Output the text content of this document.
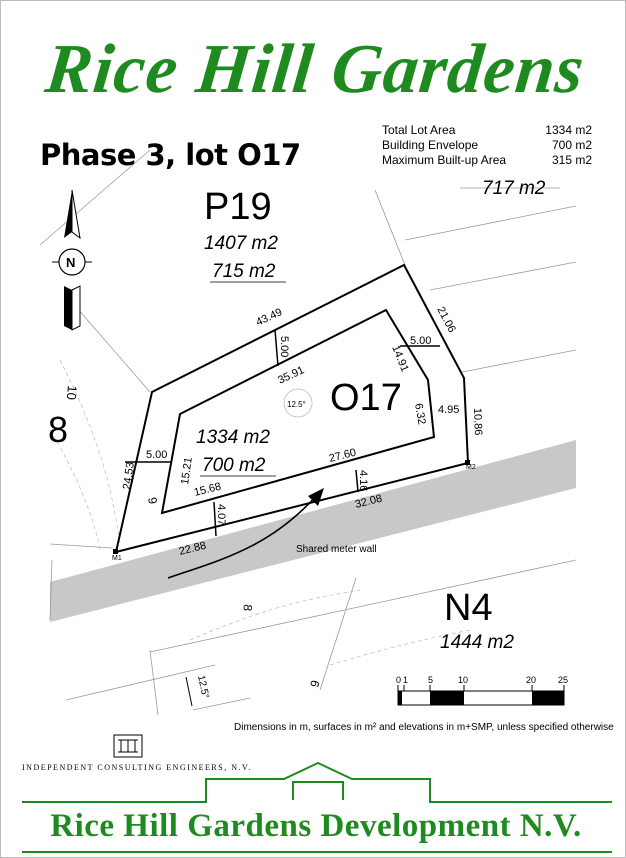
Rice Hill Gardens
Phase 3, lot O17
Total Lot Area	1334 m2
Building Envelope	700 m2
Maximum Built-up Area	315 m2
10
9
8
9
M1
M2
43.49
5.00
35.91
21.06
5.00
14.91
6.32 4.95 10.86
24.53
5.00
15.21
15.68
4.07
27.60
4.16
32.08
22.88
O17
1334 m2
700 m2
12.5°
P19
1407 m2
715 m2
717 m2
8
N4
1444 m2
Shared meter wall
N
12.5°	0 1 5	10	20 25
Dimensions in m, surfaces in m² and elevations in m+SMP, unless specified otherwise
INDEPENDENT CONSULTING ENGINEERS, N.V.
Rice Hill Gardens Development N.V.
